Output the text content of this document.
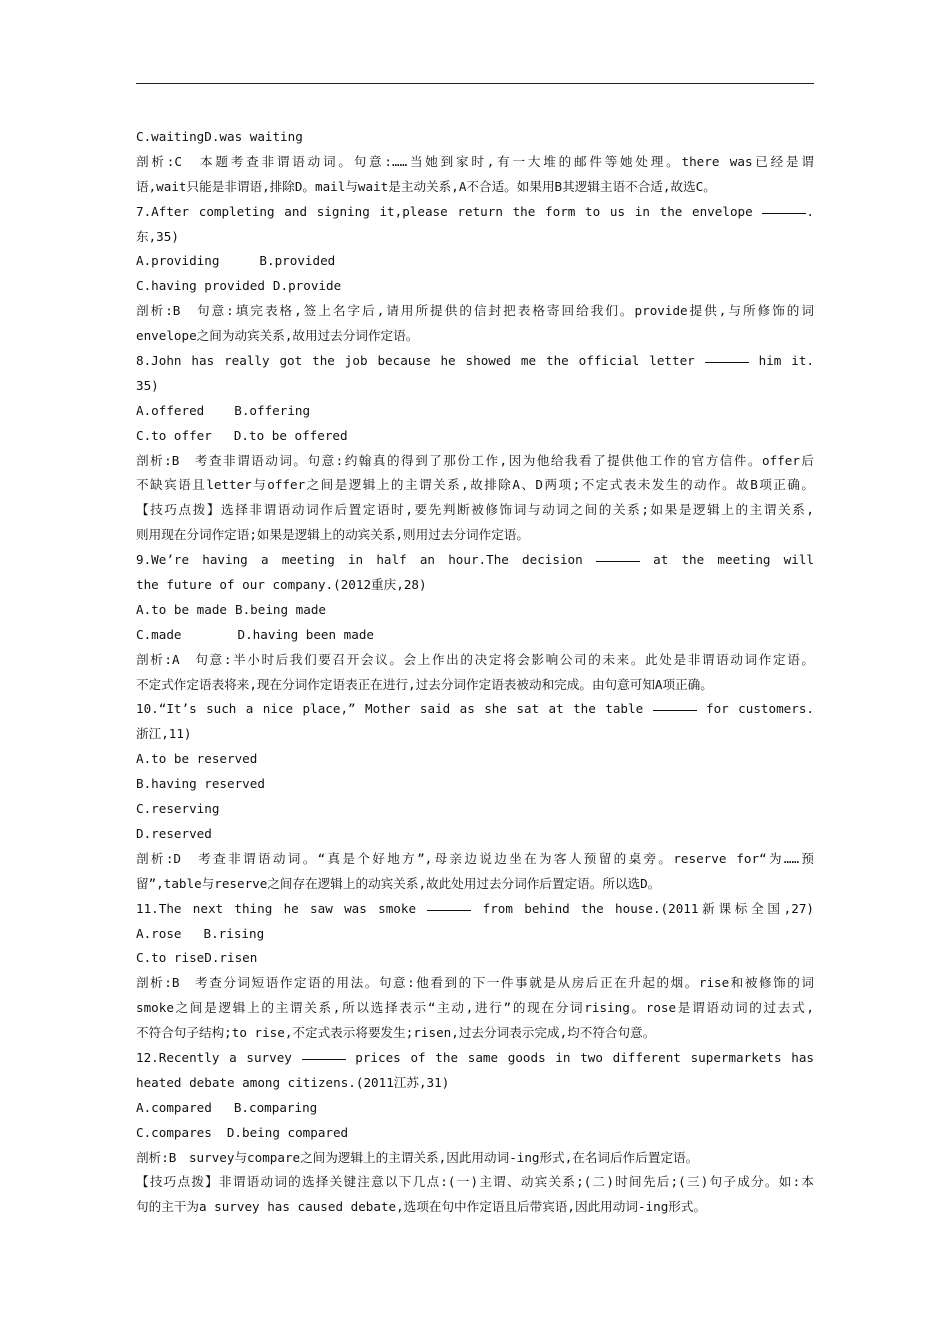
C.waitingD.was waiting
剖析:C　本题考查非谓语动词。句意:……当她到家时,有一大堆的邮件等她处理。there was已经是谓
语,wait只能是非谓语,排除D。mail与wait是主动关系,A不合适。如果用B其逻辑主语不合适,故选C。
7.After completing and signing it,please return the form to us in the envelope	.
东,35)
A.providing	B.provided
C.having provided D.provide
剖析:B　句意:填完表格,签上名字后,请用所提供的信封把表格寄回给我们。provide提供,与所修饰的词
envelope之间为动宾关系,故用过去分词作定语。
8.John has really got the job because he showed me the official letter	him it.
35)
A.offered B.offering
C.to offer D.to be offered
剖析:B　考查非谓语动词。句意:约翰真的得到了那份工作,因为他给我看了提供他工作的官方信件。offer后
不缺宾语且letter与offer之间是逻辑上的主谓关系,故排除A、D两项;不定式表未发生的动作。故B项正确。
【技巧点拨】选择非谓语动词作后置定语时,要先判断被修饰词与动词之间的关系;如果是逻辑上的主谓关系,
则用现在分词作定语;如果是逻辑上的动宾关系,则用过去分词作定语。
9.We’re having a meeting in half an hour.The decision	at the meeting will
the future of our company.(2012重庆,28)
A.to be made B.being made
C.made	D.having been made
剖析:A　句意:半小时后我们要召开会议。会上作出的决定将会影响公司的未来。此处是非谓语动词作定语。
不定式作定语表将来,现在分词作定语表正在进行,过去分词作定语表被动和完成。由句意可知A项正确。
10.“It’s such a nice place,” Mother said as she sat at the table	for customers.
浙江,11)
A.to be reserved
B.having reserved
C.reserving
D.reserved
剖析:D　考查非谓语动词。“真是个好地方”,母亲边说边坐在为客人预留的桌旁。reserve for“为……预
留”,table与reserve之间存在逻辑上的动宾关系,故此处用过去分词作后置定语。所以选D。
11.The next thing he saw was smoke	from behind the house.(2011新课标全国,27)
A.rose B.rising
C.to riseD.risen
剖析:B　考查分词短语作定语的用法。句意:他看到的下一件事就是从房后正在升起的烟。rise和被修饰的词
smoke之间是逻辑上的主谓关系,所以选择表示“主动,进行”的现在分词rising。rose是谓语动词的过去式,
不符合句子结构;to rise,不定式表示将要发生;risen,过去分词表示完成,均不符合句意。
12.Recently a survey	prices of the same goods in two different supermarkets has
heated debate among citizens.(2011江苏,31)
A.compared B.comparing
C.compares D.being compared
剖析:B　survey与compare之间为逻辑上的主谓关系,因此用动词-ing形式,在名词后作后置定语。
【技巧点拨】非谓语动词的选择关键注意以下几点:(一)主谓、动宾关系;(二)时间先后;(三)句子成分。如:本
句的主干为a survey has caused debate,选项在句中作定语且后带宾语,因此用动词-ing形式。
